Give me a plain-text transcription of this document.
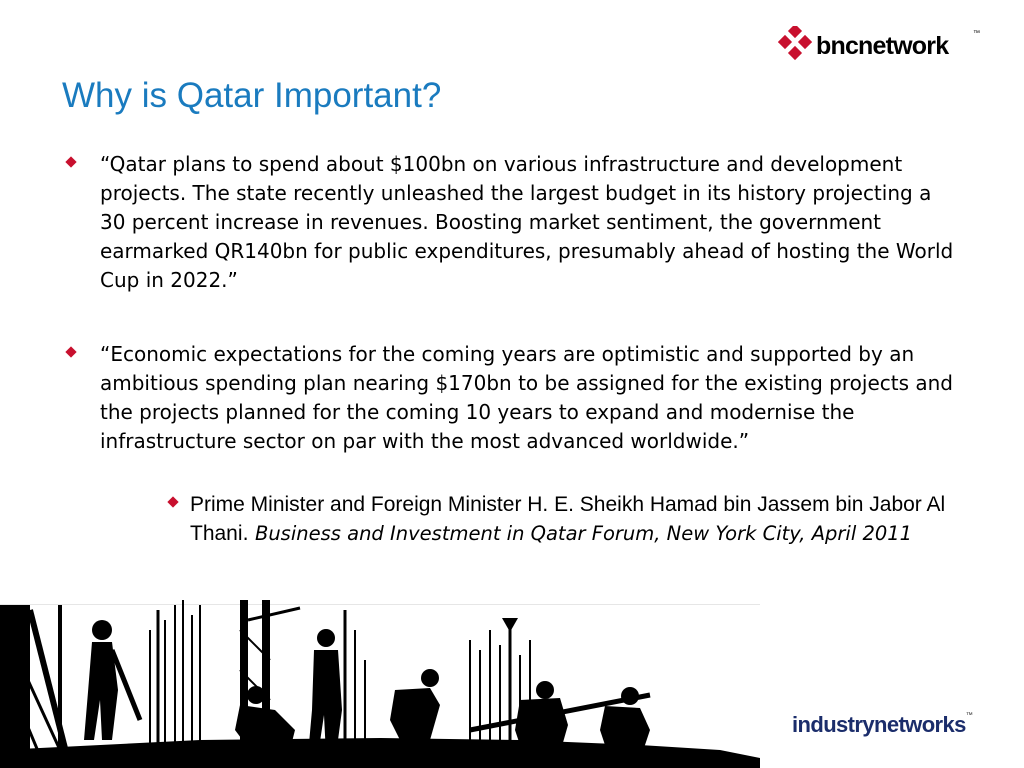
bncnetwork	™
Why is Qatar Important?

“Qatar plans to spend about $100bn on various infrastructure and development projects. The state recently unleashed the largest budget in its history projecting a 30 percent increase in revenues. Boosting market sentiment, the government earmarked QR140bn for public expenditures, presumably ahead of hosting the World Cup in 2022.”

“Economic expectations for the coming years are optimistic and supported by an ambitious spending plan nearing $170bn to be assigned for the existing projects and the projects planned for the coming 10 years to expand and modernise the infrastructure sector on par with the most advanced worldwide.”

Prime Minister and Foreign Minister H. E. Sheikh Hamad bin Jassem bin Jabor Al Thani. Business and Investment in Qatar Forum, New York City, April 2011

industrynetworks™
